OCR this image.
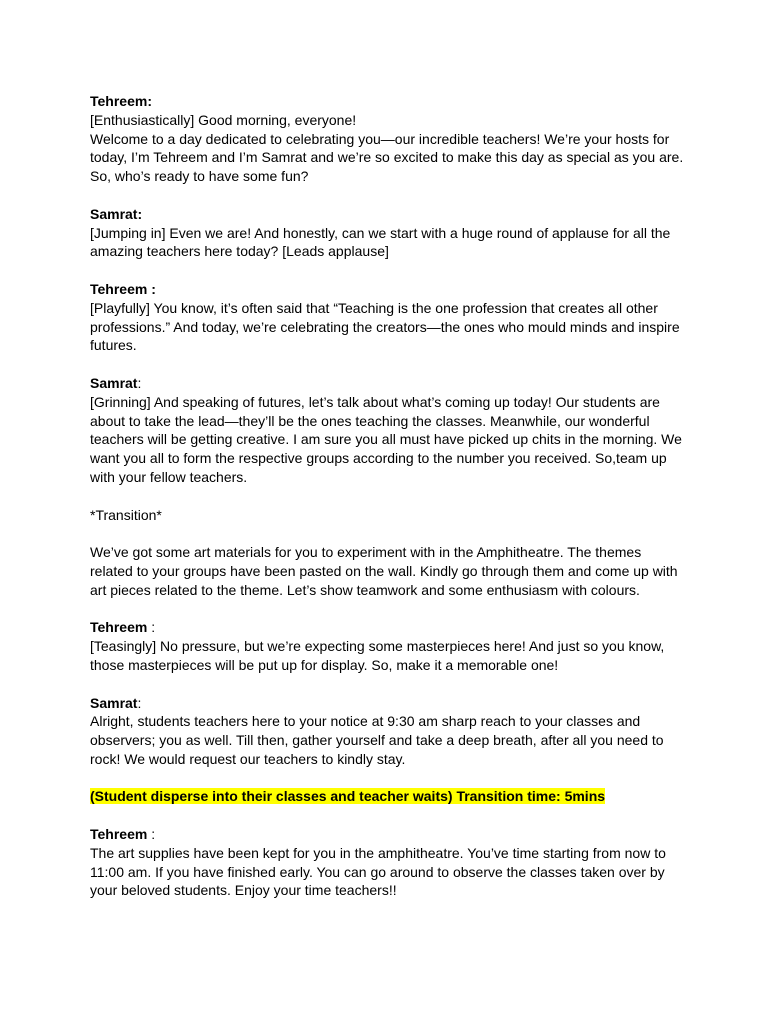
Tehreem:
[Enthusiastically] Good morning, everyone!
Welcome to a day dedicated to celebrating you—our incredible teachers! We’re your hosts for
today, I’m Tehreem and I’m Samrat and we’re so excited to make this day as special as you are.
So, who’s ready to have some fun?
Samrat:
[Jumping in] Even we are! And honestly, can we start with a huge round of applause for all the
amazing teachers here today? [Leads applause]
Tehreem :
[Playfully] You know, it’s often said that “Teaching is the one profession that creates all other
professions.” And today, we’re celebrating the creators—the ones who mould minds and inspire
futures.
Samrat:
[Grinning] And speaking of futures, let’s talk about what’s coming up today! Our students are
about to take the lead—they’ll be the ones teaching the classes. Meanwhile, our wonderful
teachers will be getting creative. I am sure you all must have picked up chits in the morning. We
want you all to form the respective groups according to the number you received. So,team up
with your fellow teachers.
*Transition*
We’ve got some art materials for you to experiment with in the Amphitheatre. The themes
related to your groups have been pasted on the wall. Kindly go through them and come up with
art pieces related to the theme. Let’s show teamwork and some enthusiasm with colours.
Tehreem :
[Teasingly] No pressure, but we’re expecting some masterpieces here! And just so you know,
those masterpieces will be put up for display. So, make it a memorable one!
Samrat:
Alright, students teachers here to your notice at 9:30 am sharp reach to your classes and
observers; you as well. Till then, gather yourself and take a deep breath, after all you need to
rock! We would request our teachers to kindly stay.
(Student disperse into their classes and teacher waits) Transition time: 5mins
Tehreem :
The art supplies have been kept for you in the amphitheatre. You’ve time starting from now to
11:00 am. If you have finished early. You can go around to observe the classes taken over by
your beloved students. Enjoy your time teachers!!
